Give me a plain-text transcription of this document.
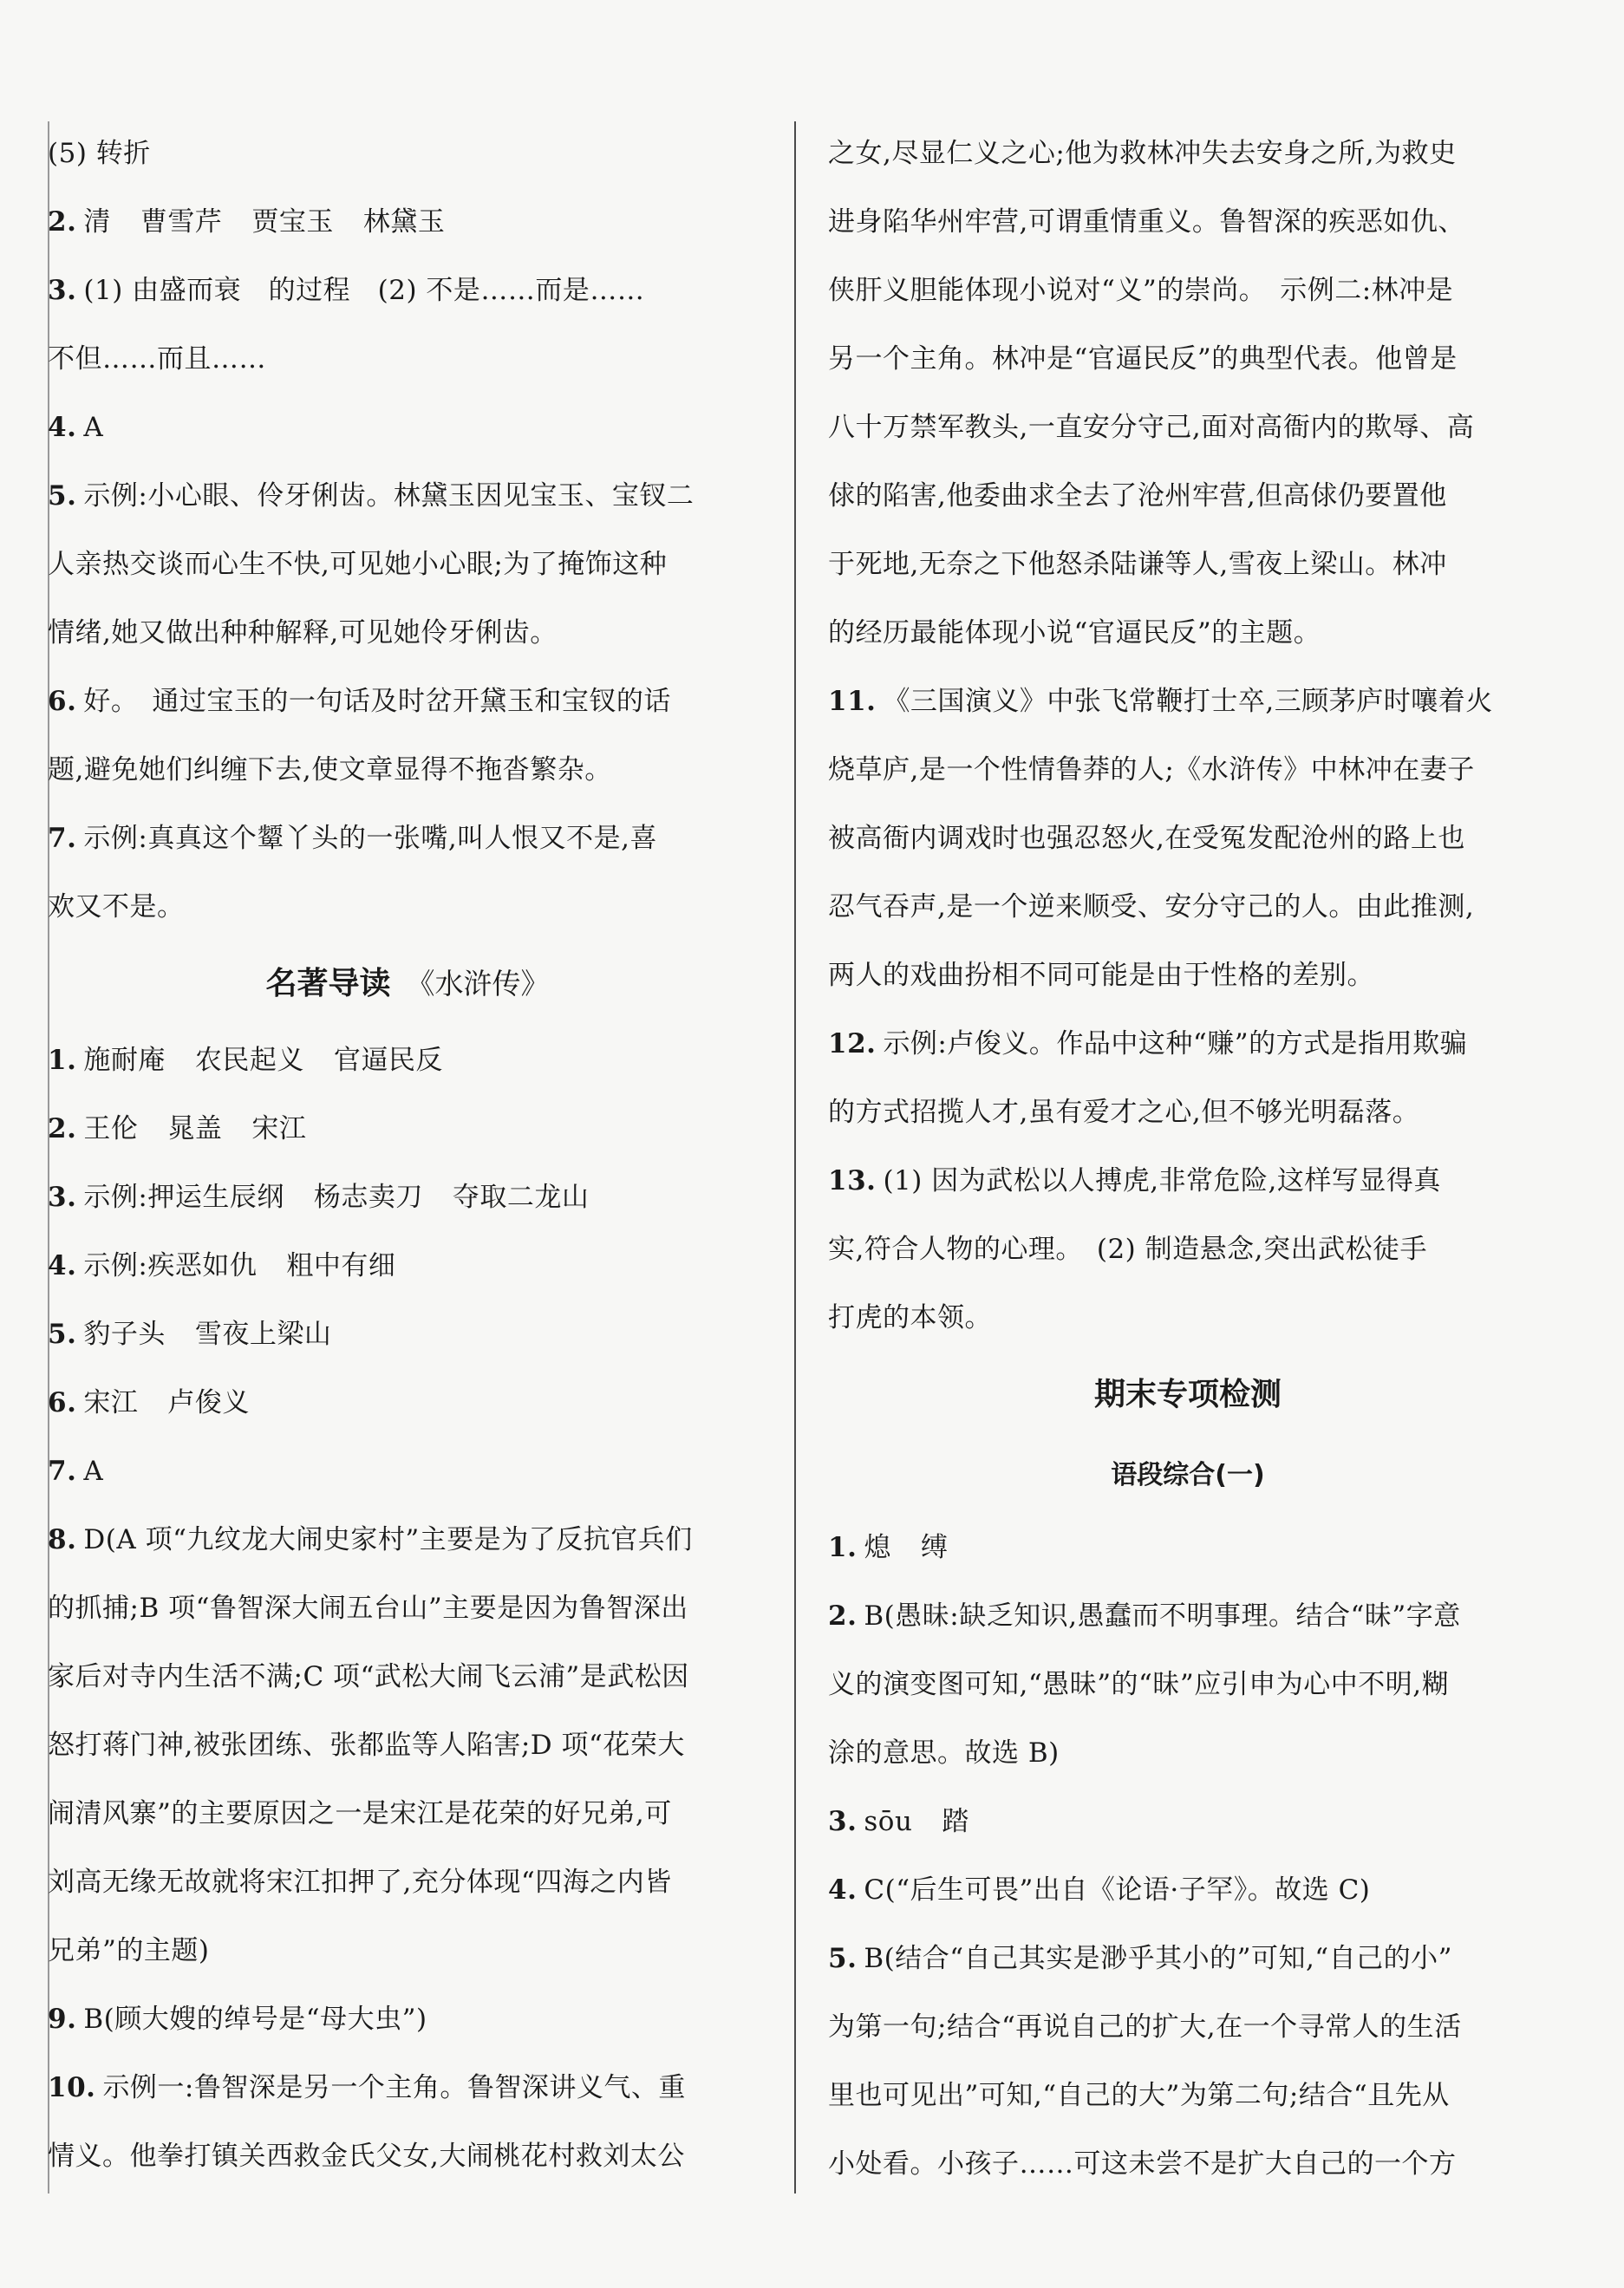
(5) 转折
2. 清 曹雪芹 贾宝玉 林黛玉
3. (1) 由盛而衰　的过程　(2) 不是……而是……
不但……而且……
4. A
5. 示例:小心眼、伶牙俐齿。林黛玉因见宝玉、宝钗二
人亲热交谈而心生不快,可见她小心眼;为了掩饰这种
情绪,她又做出种种解释,可见她伶牙俐齿。
6. 好。　通过宝玉的一句话及时岔开黛玉和宝钗的话
题,避免她们纠缠下去,使文章显得不拖沓繁杂。
7. 示例:真真这个颦丫头的一张嘴,叫人恨又不是,喜
欢又不是。
名著导读 《水浒传》
1. 施耐庵 农民起义 官逼民反
2. 王伦 晁盖 宋江
3. 示例:押运生辰纲 杨志卖刀 夺取二龙山
4. 示例:疾恶如仇 粗中有细
5. 豹子头 雪夜上梁山
6. 宋江 卢俊义
7. A
8. D(A 项“九纹龙大闹史家村”主要是为了反抗官兵们
的抓捕;B 项“鲁智深大闹五台山”主要是因为鲁智深出
家后对寺内生活不满;C 项“武松大闹飞云浦”是武松因
怒打蒋门神,被张团练、张都监等人陷害;D 项“花荣大
闹清风寨”的主要原因之一是宋江是花荣的好兄弟,可
刘高无缘无故就将宋江扣押了,充分体现“四海之内皆
兄弟”的主题)
9. B(顾大嫂的绰号是“母大虫”)
10. 示例一:鲁智深是另一个主角。鲁智深讲义气、重
情义。他拳打镇关西救金氏父女,大闹桃花村救刘太公
之女,尽显仁义之心;他为救林冲失去安身之所,为救史
进身陷华州牢营,可谓重情重义。鲁智深的疾恶如仇、
侠肝义胆能体现小说对“义”的崇尚。　示例二:林冲是
另一个主角。林冲是“官逼民反”的典型代表。他曾是
八十万禁军教头,一直安分守己,面对高衙内的欺辱、高
俅的陷害,他委曲求全去了沧州牢营,但高俅仍要置他
于死地,无奈之下他怒杀陆谦等人,雪夜上梁山。林冲
的经历最能体现小说“官逼民反”的主题。
11. 《三国演义》中张飞常鞭打士卒,三顾茅庐时嚷着火
烧草庐,是一个性情鲁莽的人;《水浒传》中林冲在妻子
被高衙内调戏时也强忍怒火,在受冤发配沧州的路上也
忍气吞声,是一个逆来顺受、安分守己的人。由此推测,
两人的戏曲扮相不同可能是由于性格的差别。
12. 示例:卢俊义。作品中这种“赚”的方式是指用欺骗
的方式招揽人才,虽有爱才之心,但不够光明磊落。
13. (1) 因为武松以人搏虎,非常危险,这样写显得真
实,符合人物的心理。　(2) 制造悬念,突出武松徒手
打虎的本领。
期末专项检测
语段综合(一)
1. 熄 缚
2. B(愚昧:缺乏知识,愚蠢而不明事理。结合“昧”字意
义的演变图可知,“愚昧”的“昧”应引申为心中不明,糊
涂的意思。故选 B)
3. sōu 踏
4. C(“后生可畏”出自《论语·子罕》。故选 C)
5. B(结合“自己其实是渺乎其小的”可知,“自己的小”
为第一句;结合“再说自己的扩大,在一个寻常人的生活
里也可见出”可知,“自己的大”为第二句;结合“且先从
小处看。小孩子……可这未尝不是扩大自己的一个方
